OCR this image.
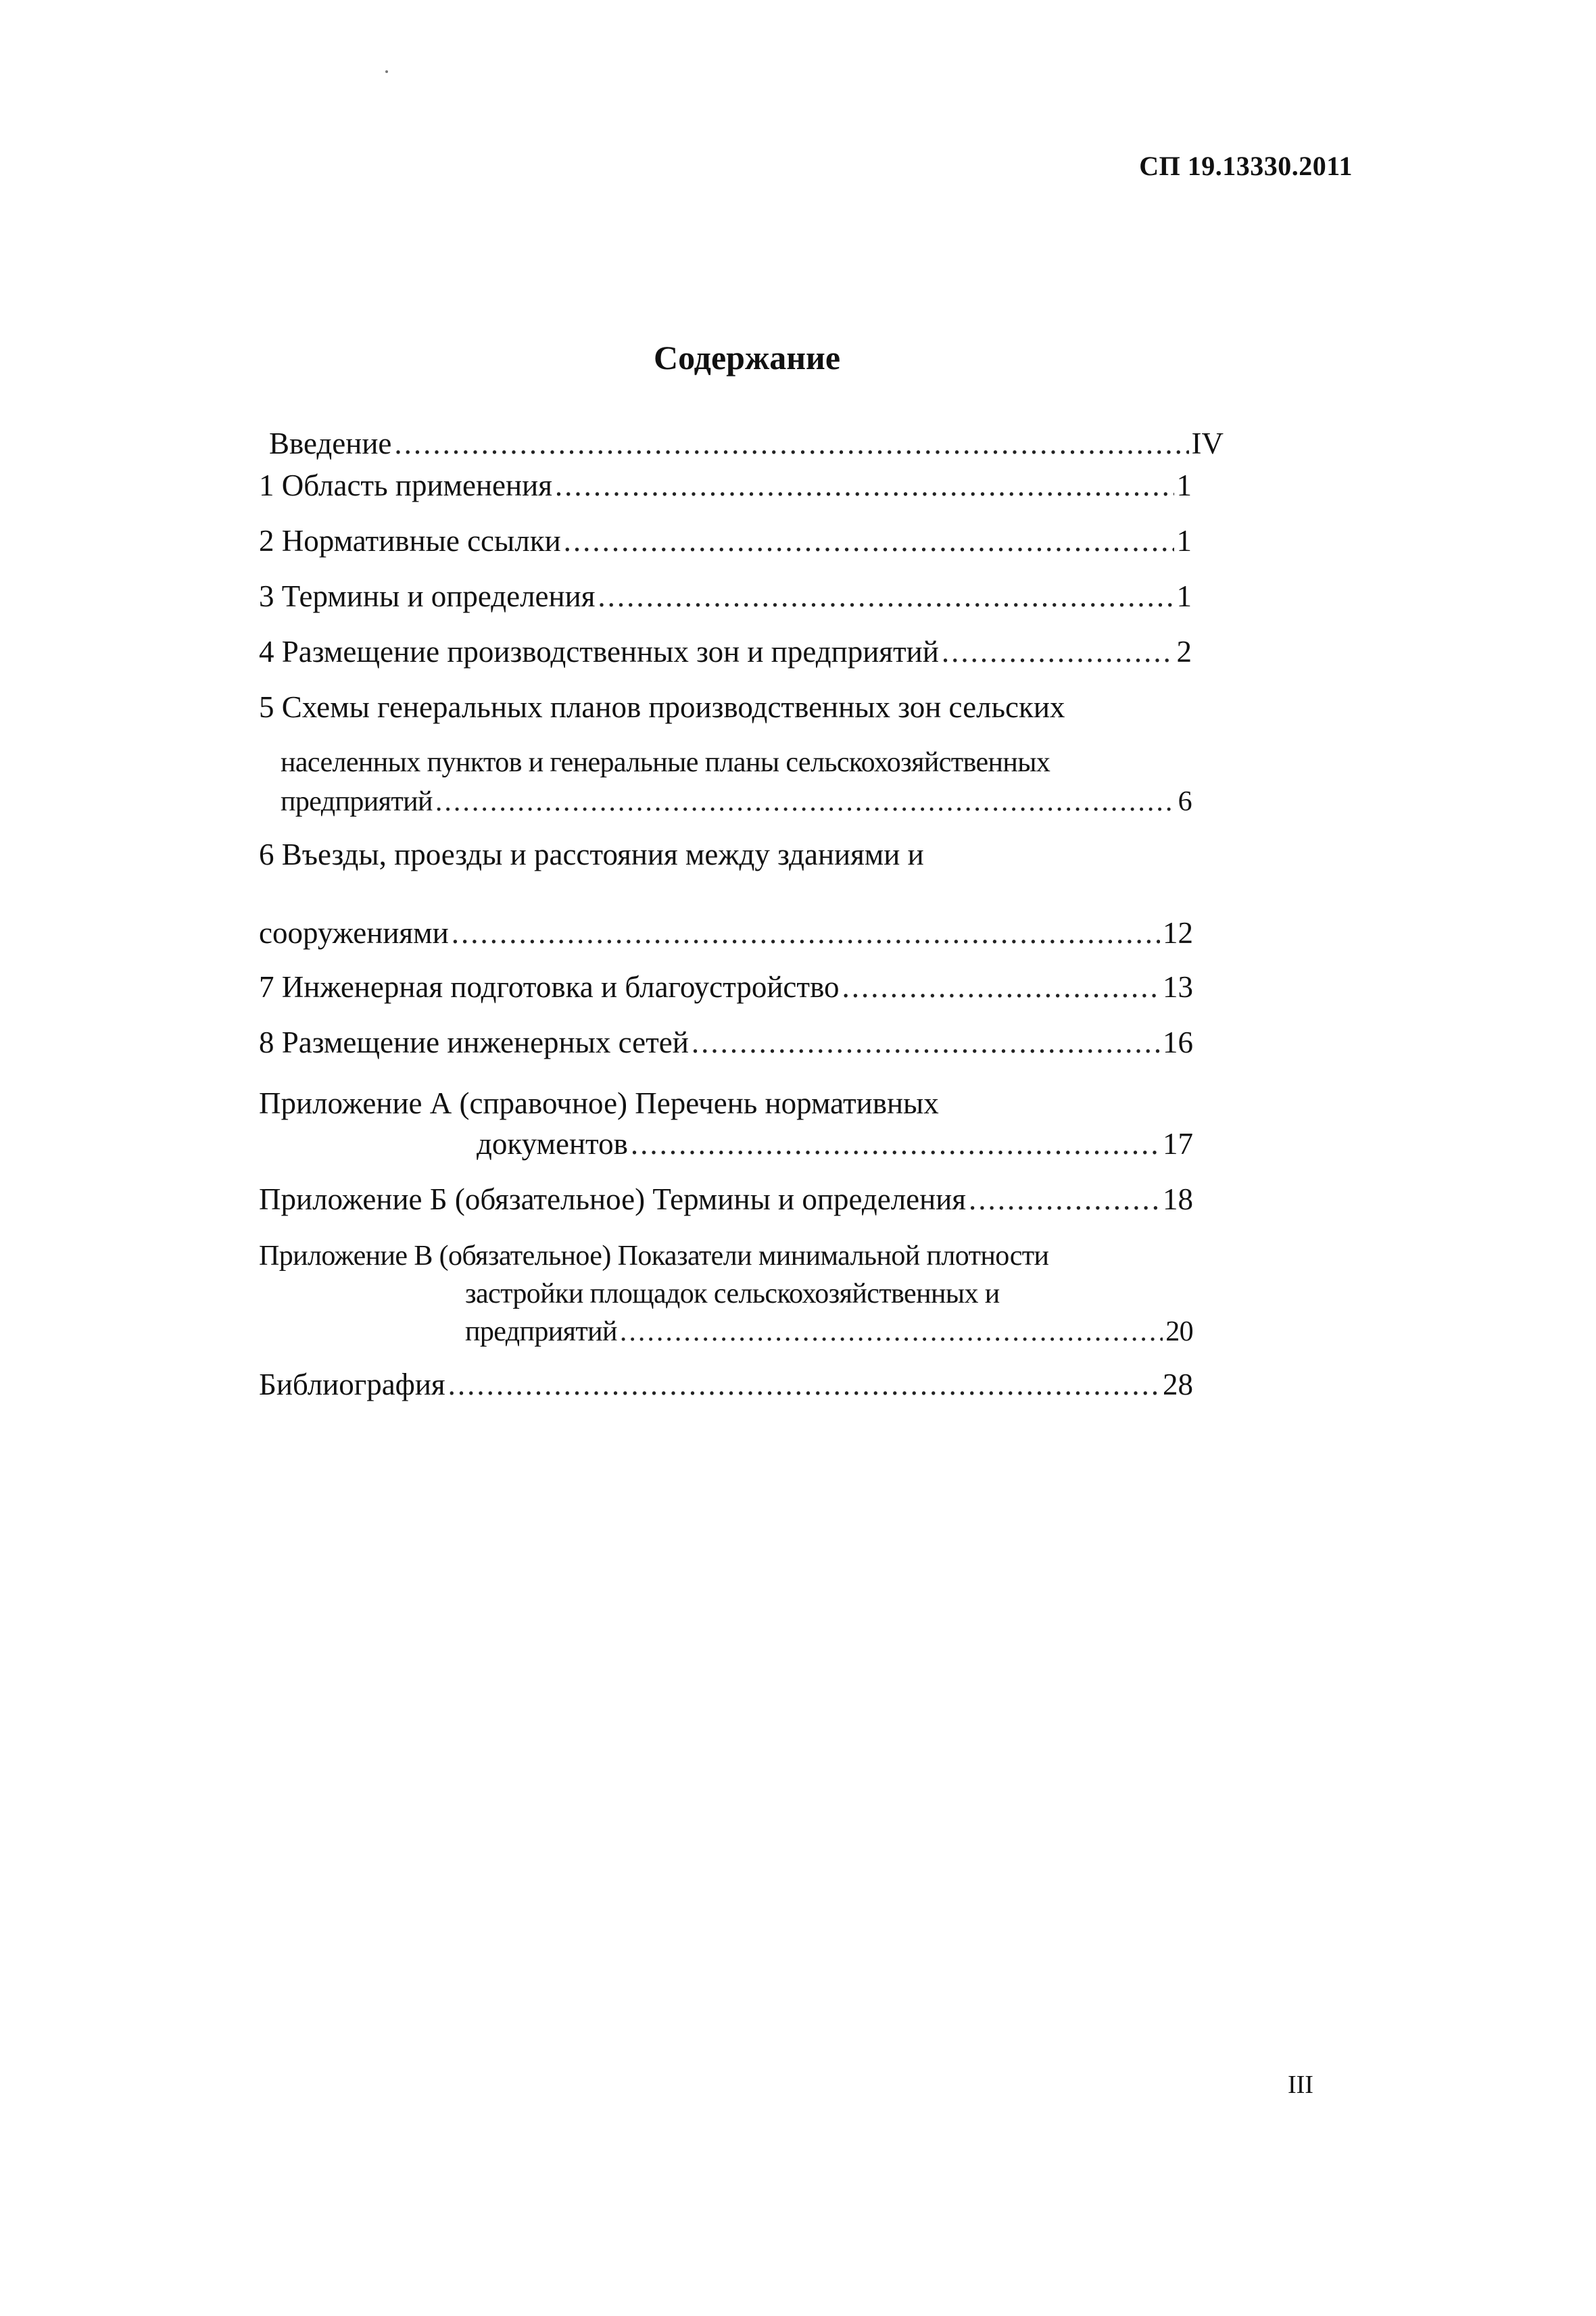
СП 19.13330.2011
Содержание
Введение .....	IV
1 Область применения .....	1
2 Нормативные ссылки .....	1
3 Термины и определения .....	1
4 Размещение производственных зон и предприятий .....	2
5 Схемы генеральных планов производственных зон сельских
населенных пунктов и генеральные планы сельскохозяйственных
предприятий .....	6
6 Въезды, проезды и расстояния между зданиями и
сооружениями .....	12
7 Инженерная подготовка и благоустройство .....	13
8 Размещение инженерных сетей .....	16
Приложение А (справочное) Перечень нормативных
документов .....	17
Приложение Б (обязательное) Термины и определения .....	18
Приложение В (обязательное) Показатели минимальной плотности
застройки площадок сельскохозяйственных и
предприятий .....	20
Библиография .....	28
III
